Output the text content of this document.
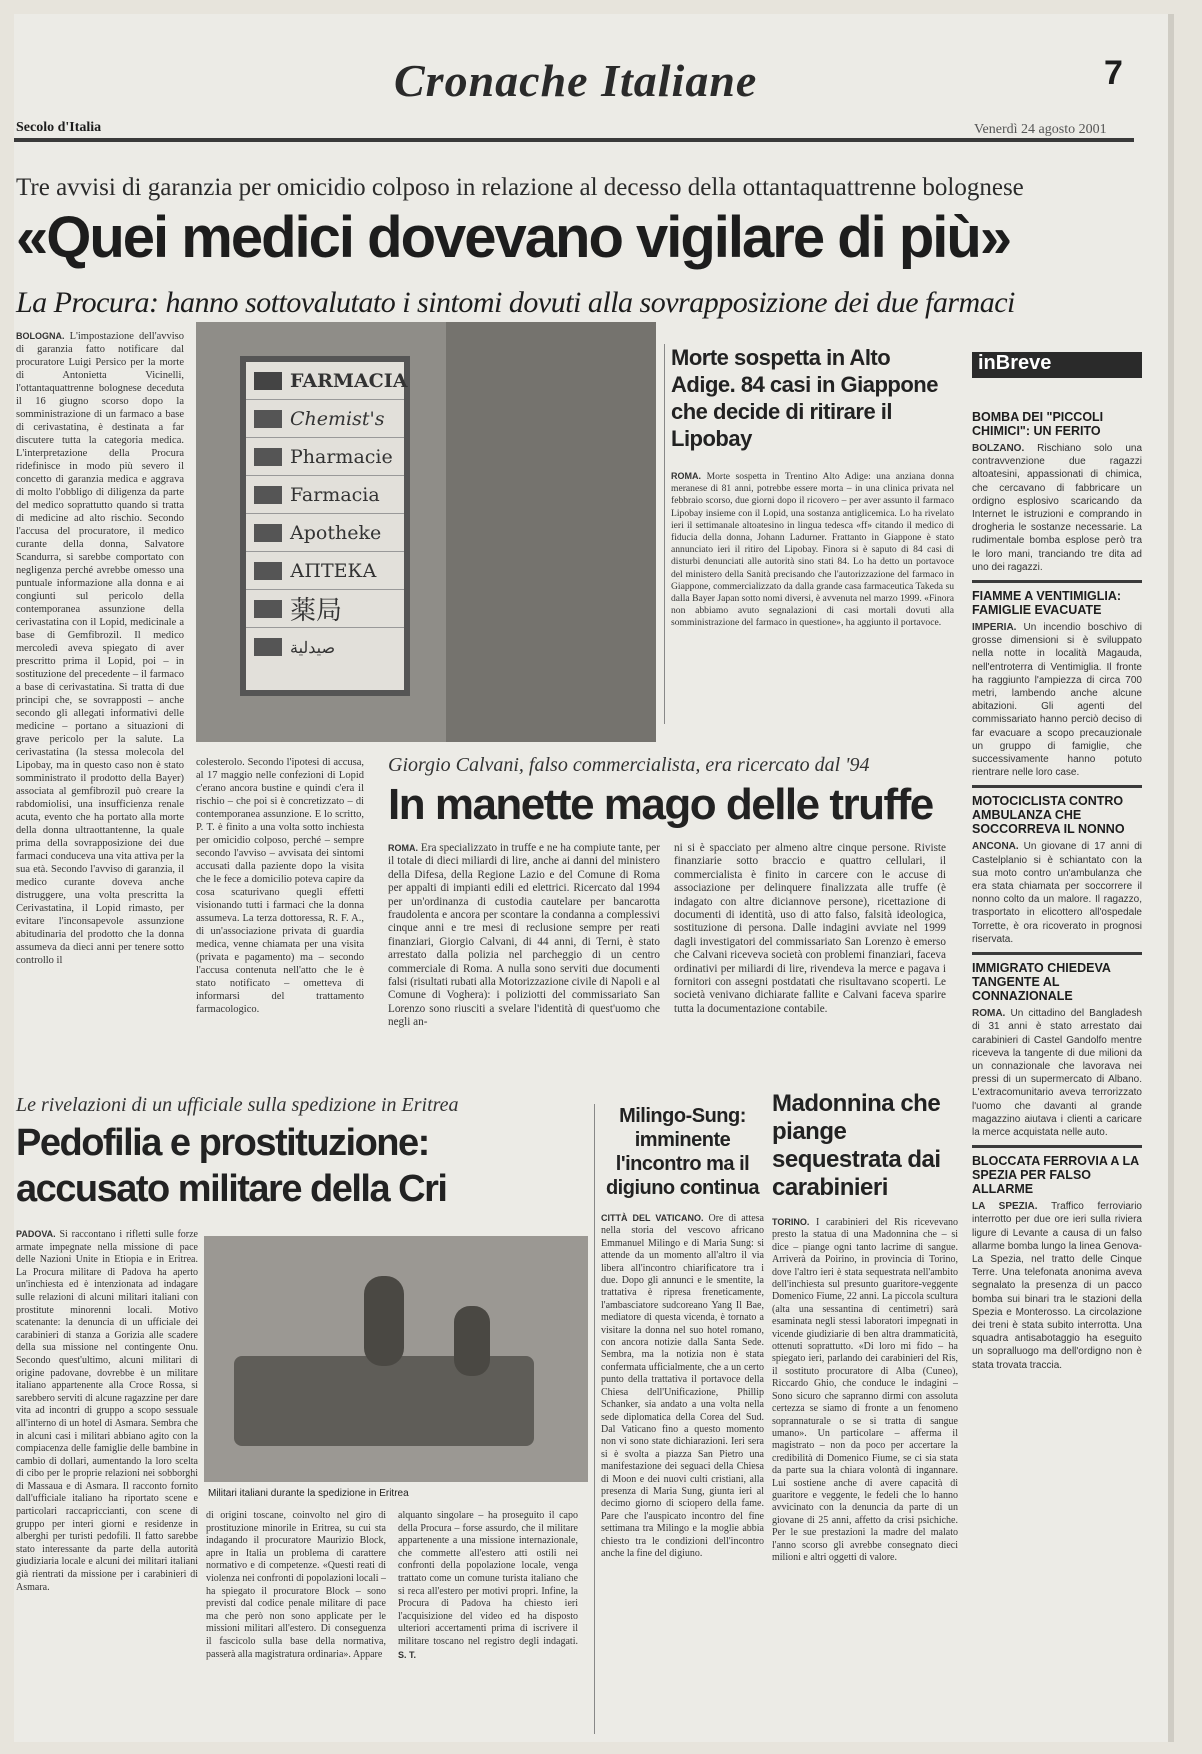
Cronache Italiane	7
Secolo d'Italia	Venerdì 24 agosto 2001
Tre avvisi di garanzia per omicidio colposo in relazione al decesso della ottantaquattrenne bolognese
«Quei medici dovevano vigilare di più»
La Procura: hanno sottovalutato i sintomi dovuti alla sovrapposizione dei due farmaci
BOLOGNA. L'impostazione dell'avviso di garanzia fatto notificare dal procuratore Luigi Persico per la morte di Antonietta Vicinelli, l'ottantaquattrenne bolognese deceduta il 16 giugno scorso dopo la somministrazione di un farmaco a base di cerivastatina, è destinata a far discutere tutta la categoria medica. L'interpretazione della Procura ridefinisce in modo più severo il concetto di garanzia medica e aggrava di molto l'obbligo di diligenza da parte del medico soprattutto quando si tratta di medicine ad alto rischio. Secondo l'accusa del procuratore, il medico curante della donna, Salvatore Scandurra, si sarebbe comportato con negligenza perché avrebbe omesso una puntuale informazione alla donna e ai congiunti sul pericolo della contemporanea assunzione della cerivastatina con il Lopid, medicinale a base di Gemfibrozil. Il medico mercoledì aveva spiegato di aver prescritto prima il Lopid, poi – in sostituzione del precedente – il farmaco a base di cerivastatina. Si tratta di due principi che, se sovrapposti – anche secondo gli allegati informativi delle medicine – portano a situazioni di grave pericolo per la salute. La cerivastatina (la stessa molecola del Lipobay, ma in questo caso non è stato somministrato il prodotto della Bayer) associata al gemfibrozil può creare la rabdomiolisi, una insufficienza renale acuta, evento che ha portato alla morte della donna ultraottantenne, la quale prima della sovrapposizione dei due farmaci conduceva una vita attiva per la sua età. Secondo l'avviso di garanzia, il medico curante doveva anche distruggere, una volta prescritta la Cerivastatina, il Lopid rimasto, per evitare l'inconsapevole assunzione abitudinaria del prodotto che la donna assumeva da dieci anni per tenere sotto controllo il
FARMACIA
Chemist's
Pharmacie
Farmacia
Apotheke
АПТЕКА
薬局
صيدلية
colesterolo. Secondo l'ipotesi di accusa, al 17 maggio nelle confezioni di Lopid c'erano ancora bustine e quindi c'era il rischio – che poi si è concretizzato – di contemporanea assunzione. E lo scritto, P. T. è finito a una volta sotto inchiesta per omicidio colposo, perché – sempre secondo l'avviso – avvisata dei sintomi accusati dalla paziente dopo la visita che le fece a domicilio poteva capire da cosa scaturivano quegli effetti visionando tutti i farmaci che la donna assumeva. La terza dottoressa, R. F. A., di un'associazione privata di guardia medica, venne chiamata per una visita (privata e pagamento) ma – secondo l'accusa contenuta nell'atto che le è stato notificato – ometteva di informarsi del trattamento farmacologico.
Morte sospetta in Alto Adige. 84 casi in Giappone che decide di ritirare il Lipobay
ROMA. Morte sospetta in Trentino Alto Adige: una anziana donna meranese di 81 anni, potrebbe essere morta – in una clinica privata nel febbraio scorso, due giorni dopo il ricovero – per aver assunto il farmaco Lipobay insieme con il Lopid, una sostanza antiglicemica. Lo ha rivelato ieri il settimanale altoatesino in lingua tedesca «ff» citando il medico di fiducia della donna, Johann Ladurner. Frattanto in Giappone è stato annunciato ieri il ritiro del Lipobay. Finora si è saputo di 84 casi di disturbi denunciati alle autorità sino stati 84. Lo ha detto un portavoce del ministero della Sanità precisando che l'autorizzazione del farmaco in Giappone, commercializzato da dalla grande casa farmaceutica Takeda su dalla Bayer Japan sotto nomi diversi, è avvenuta nel marzo 1999. «Finora non abbiamo avuto segnalazioni di casi mortali dovuti alla somministrazione del farmaco in questione», ha aggiunto il portavoce.
Giorgio Calvani, falso commercialista, era ricercato dal '94
In manette mago delle truffe
ROMA. Era specializzato in truffe e ne ha compiute tante, per il totale di dieci miliardi di lire, anche ai danni del ministero della Difesa, della Regione Lazio e del Comune di Roma per appalti di impianti edili ed elettrici. Ricercato dal 1994 per un'ordinanza di custodia cautelare per bancarotta fraudolenta e ancora per scontare la condanna a complessivi cinque anni e tre mesi di reclusione sempre per reati finanziari, Giorgio Calvani, di 44 anni, di Terni, è stato arrestato dalla polizia nel parcheggio di un centro commerciale di Roma. A nulla sono serviti due documenti falsi (risultati rubati alla Motorizzazione civile di Napoli e al Comune di Voghera): i poliziotti del commissariato San Lorenzo sono riusciti a svelare l'identità di quest'uomo che negli an-
ni si è spacciato per almeno altre cinque persone. Riviste finanziarie sotto braccio e quattro cellulari, il commercialista è finito in carcere con le accuse di associazione per delinquere finalizzata alle truffe (è indagato con altre diciannove persone), ricettazione di documenti di identità, uso di atto falso, falsità ideologica, sostituzione di persona. Dalle indagini avviate nel 1999 dagli investigatori del commissariato San Lorenzo è emerso che Calvani riceveva società con problemi finanziari, faceva ordinativi per miliardi di lire, rivendeva la merce e pagava i fornitori con assegni postdatati che risultavano scoperti. Le società venivano dichiarate fallite e Calvani faceva sparire tutta la documentazione contabile.
inBreve
BOMBA DEI "PICCOLI CHIMICI": UN FERITO
BOLZANO. Rischiano solo una contravvenzione due ragazzi altoatesini, appassionati di chimica, che cercavano di fabbricare un ordigno esplosivo scaricando da Internet le istruzioni e comprando in drogheria le sostanze necessarie. La rudimentale bomba esplose però tra le loro mani, tranciando tre dita ad uno dei ragazzi.
FIAMME A VENTIMIGLIA: FAMIGLIE EVACUATE
IMPERIA. Un incendio boschivo di grosse dimensioni si è sviluppato nella notte in località Magauda, nell'entroterra di Ventimiglia. Il fronte ha raggiunto l'ampiezza di circa 700 metri, lambendo anche alcune abitazioni. Gli agenti del commissariato hanno perciò deciso di far evacuare a scopo precauzionale un gruppo di famiglie, che successivamente hanno potuto rientrare nelle loro case.
MOTOCICLISTA CONTRO AMBULANZA CHE SOCCORREVA IL NONNO
ANCONA. Un giovane di 17 anni di Castelplanio si è schiantato con la sua moto contro un'ambulanza che era stata chiamata per soccorrere il nonno colto da un malore. Il ragazzo, trasportato in elicottero all'ospedale Torrette, è ora ricoverato in prognosi riservata.
IMMIGRATO CHIEDEVA TANGENTE AL CONNAZIONALE
ROMA. Un cittadino del Bangladesh di 31 anni è stato arrestato dai carabinieri di Castel Gandolfo mentre riceveva la tangente di due milioni da un connazionale che lavorava nei pressi di un supermercato di Albano. L'extracomunitario aveva terrorizzato l'uomo che davanti al grande magazzino aiutava i clienti a caricare la merce acquistata nelle auto.
BLOCCATA FERROVIA A LA SPEZIA PER FALSO ALLARME
LA SPEZIA. Traffico ferroviario interrotto per due ore ieri sulla riviera ligure di Levante a causa di un falso allarme bomba lungo la linea Genova-La Spezia, nel tratto delle Cinque Terre. Una telefonata anonima aveva segnalato la presenza di un pacco bomba sui binari tra le stazioni della Spezia e Monterosso. La circolazione dei treni è stata subito interrotta. Una squadra antisabotaggio ha eseguito un sopralluogo ma dell'ordigno non è stata trovata traccia.
Le rivelazioni di un ufficiale sulla spedizione in Eritrea
Pedofilia e prostituzione: accusato militare della Cri
PADOVA. Si raccontano i rifletti sulle forze armate impegnate nella missione di pace delle Nazioni Unite in Etiopia e in Eritrea. La Procura militare di Padova ha aperto un'inchiesta ed è intenzionata ad indagare sulle relazioni di alcuni militari italiani con prostitute minorenni locali. Motivo scatenante: la denuncia di un ufficiale dei carabinieri di stanza a Gorizia alle scadere della sua missione nel contingente Onu. Secondo quest'ultimo, alcuni militari di origine padovane, dovrebbe è un militare italiano appartenente alla Croce Rossa, si sarebbero serviti di alcune ragazzine per dare vita ad incontri di gruppo a scopo sessuale all'interno di un hotel di Asmara. Sembra che in alcuni casi i militari abbiano agito con la compiacenza delle famiglie delle bambine in cambio di dollari, aumentando la loro scelta di cibo per le proprie relazioni nei sobborghi di Massaua e di Asmara. Il racconto fornito dall'ufficiale italiano ha riportato scene e particolari raccapriccianti, con scene di gruppo per interi giorni e residenze in alberghi per turisti pedofili. Il fatto sarebbe stato interessante da parte della autorità giudiziaria locale e alcuni dei militari italiani già rientrati da missione per i carabinieri di Asmara.
Militari italiani durante la spedizione in Eritrea
di origini toscane, coinvolto nel giro di prostituzione minorile in Eritrea, su cui sta indagando il procuratore Maurizio Block, apre in Italia un problema di carattere normativo e di competenze. «Questi reati di violenza nei confronti di popolazioni locali – ha spiegato il procuratore Block – sono previsti dal codice penale militare di pace ma che però non sono applicate per le missioni militari all'estero. Di conseguenza il fascicolo sulla base della normativa, passerà alla magistratura ordinaria». Appare
alquanto singolare – ha proseguito il capo della Procura – forse assurdo, che il militare appartenente a una missione internazionale, che commette all'estero atti ostili nei confronti della popolazione locale, venga trattato come un comune turista italiano che si reca all'estero per motivi propri. Infine, la Procura di Padova ha chiesto ieri l'acquisizione del video ed ha disposto ulteriori accertamenti prima di iscrivere il militare toscano nel registro degli indagati. S. T.
Milingo-Sung: imminente l'incontro ma il digiuno continua
CITTÀ DEL VATICANO. Ore di attesa nella storia del vescovo africano Emmanuel Milingo e di Maria Sung: si attende da un momento all'altro il via libera all'incontro chiarificatore tra i due. Dopo gli annunci e le smentite, la trattativa è ripresa freneticamente, l'ambasciatore sudcoreano Yang Il Bae, mediatore di questa vicenda, è tornato a visitare la donna nel suo hotel romano, con ancora notizie dalla Santa Sede. Sembra, ma la notizia non è stata confermata ufficialmente, che a un certo punto della trattativa il portavoce della Chiesa dell'Unificazione, Phillip Schanker, sia andato a una volta nella sede diplomatica della Corea del Sud. Dal Vaticano fino a questo momento non vi sono state dichiarazioni. Ieri sera si è svolta a piazza San Pietro una manifestazione dei seguaci della Chiesa di Moon e dei nuovi culti cristiani, alla presenza di Maria Sung, giunta ieri al decimo giorno di sciopero della fame. Pare che l'auspicato incontro del fine settimana tra Milingo e la moglie abbia chiesto tra le condizioni dell'incontro anche la fine del digiuno.
Madonnina che piange sequestrata dai carabinieri
TORINO. I carabinieri del Ris ricevevano presto la statua di una Madonnina che – si dice – piange ogni tanto lacrime di sangue. Arriverà da Poirino, in provincia di Torino, dove l'altro ieri è stata sequestrata nell'ambito dell'inchiesta sul presunto guaritore-veggente Domenico Fiume, 22 anni. La piccola scultura (alta una sessantina di centimetri) sarà esaminata negli stessi laboratori impegnati in vicende giudiziarie di ben altra drammaticità, ottenuti soprattutto. «Di loro mi fido – ha spiegato ieri, parlando dei carabinieri del Ris, il sostituto procuratore di Alba (Cuneo), Riccardo Ghio, che conduce le indagini – Sono sicuro che sapranno dirmi con assoluta certezza se siamo di fronte a un fenomeno soprannaturale o se si tratta di sangue umano». Un particolare – afferma il magistrato – non da poco per accertare la credibilità di Domenico Fiume, se ci sia stata da parte sua la chiara volontà di ingannare. Lui sostiene anche di avere capacità di guaritore e veggente, le fedeli che lo hanno avvicinato con la denuncia da parte di un giovane di 25 anni, affetto da crisi psichiche. Per le sue prestazioni la madre del malato l'anno scorso gli avrebbe consegnato dieci milioni e altri oggetti di valore.
